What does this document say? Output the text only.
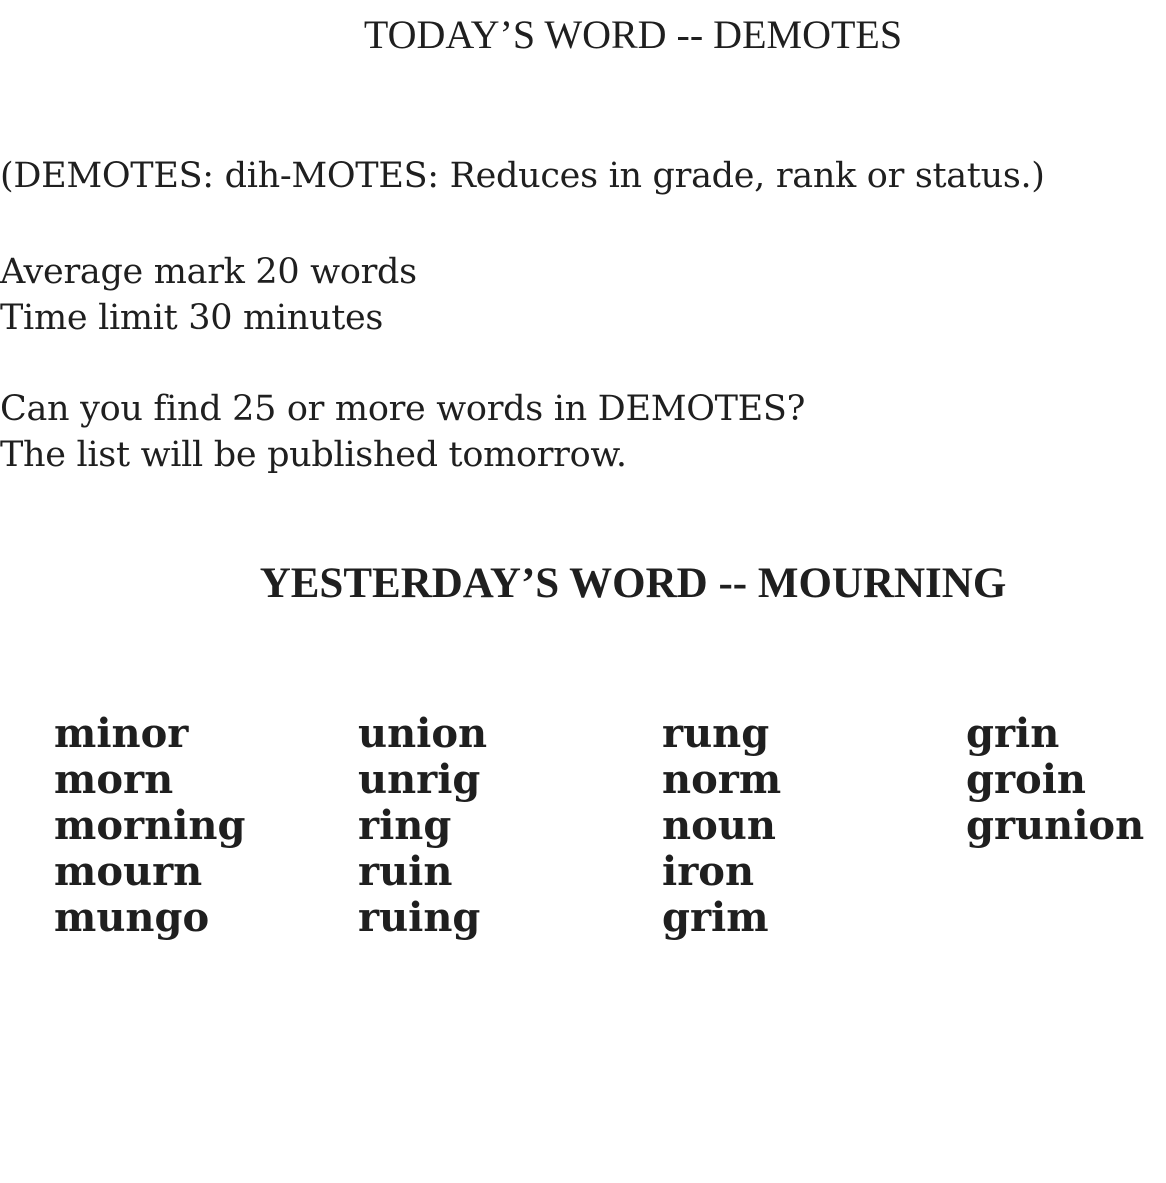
TODAY’S WORD -- DEMOTES
(DEMOTES: dih-MOTES: Reduces in grade, rank or status.)
Average mark 20 words
Time limit 30 minutes
Can you find 25 or more words in DEMOTES?
The list will be published tomorrow.
YESTERDAY’S WORD -- MOURNING
minor
morn
morning
mourn
mungo
union
unrig
ring
ruin
ruing
rung
norm
noun
iron
grim
grin
groin
grunion
